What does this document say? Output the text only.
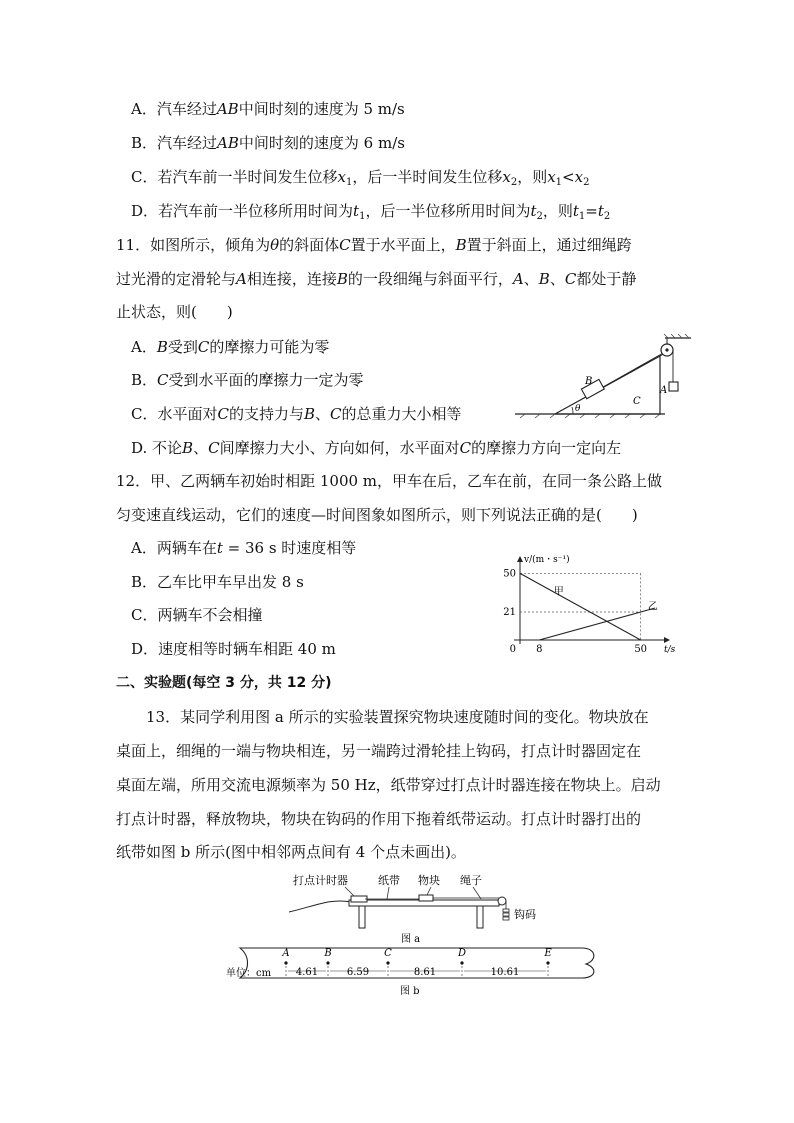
A．汽车经过AB中间时刻的速度为 5 m/s
B．汽车经过AB中间时刻的速度为 6 m/s
C．若汽车前一半时间发生位移$x_1$，后一半时间发生位移$x_2$，则$x_1<x_2$
D．若汽车前一半位移所用时间为$t_1$，后一半位移所用时间为$t_2$，则$t_1=t_2$
11．如图所示，倾角为θ的斜面体C置于水平面上，B置于斜面上，通过细绳跨
过光滑的定滑轮与A相连接，连接B的一段细绳与斜面平行，A、B、C都处于静
止状态，则(　　)
A．B受到C的摩擦力可能为零
B．C受到水平面的摩擦力一定为零
C．水平面对C的支持力与B、C的总重力大小相等
D. 不论B、C间摩擦力大小、方向如何，水平面对C的摩擦力方向一定向左
θ
B
C
A
12．甲、乙两辆车初始时相距 1000 m，甲车在后，乙车在前，在同一条公路上做
匀变速直线运动，它们的速度—时间图象如图所示，则下列说法正确的是(　　)
A．两辆车在t = 36 s 时速度相等
B．乙车比甲车早出发 8 s
C．两辆车不会相撞
D．速度相等时辆车相距 40 m
50
21
0 8	50
甲
乙
v/(m・s⁻¹)
t/s
二、实验题(每空 3 分，共 12 分)
13．某同学利用图 a 所示的实验装置探究物块速度随时间的变化。物块放在
桌面上，细绳的一端与物块相连，另一端跨过滑轮挂上钩码，打点计时器固定在
桌面左端，所用交流电源频率为 50 Hz，纸带穿过打点计时器连接在物块上。启动
打点计时器，释放物块，物块在钩码的作用下拖着纸带运动。打点计时器打出的
纸带如图 b 所示(图中相邻两点间有 4 个点未画出)。
打点计时器	纸带 物块 绳子
钩码
图 a
A	B	C	D	E
4.61	6.59	8.61	10.61
单位：cm
图 b
